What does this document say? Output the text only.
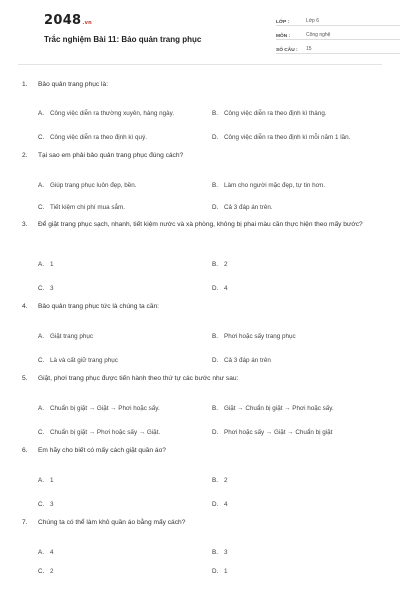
2048.vn
Trắc nghiệm Bài 11: Bảo quản trang phục
LỚP :	Lớp 6
MÔN :	Công nghệ
SỐ CÂU :	15
1.	Bảo quản trang phục là:
A. Công việc diễn ra thường xuyên, hàng ngày.	B. Công việc diễn ra theo định kì tháng.
C. Công việc diễn ra theo định kì quý.	D. Công việc diễn ra theo định kì mỗi năm 1 lần.
2.	Tại sao em phải bảo quản trang phục đúng cách?
A. Giúp trang phục luôn đẹp, bền.	B. Làm cho người mặc đẹp, tự tin hơn.
C. Tiết kiệm chi phí mua sắm.	D. Cả 3 đáp án trên.
3.	Để giặt trang phục sạch, nhanh, tiết kiệm nước và xà phòng, không bị phai màu cần thực hiện theo mấy bước?
A. 1	B. 2
C. 3	D. 4
4.	Bảo quản trang phục tức là chúng ta cần:
A. Giặt trang phục	B. Phơi hoặc sấy trang phục
C. Là và cất giữ trang phục	D. Cả 3 đáp án trên
5.	Giặt, phơi trang phục được tiến hành theo thứ tự các bước như sau:
A. Chuẩn bị giặt → Giặt → Phơi hoặc sấy.	B. Giặt → Chuẩn bị giặt → Phơi hoặc sấy.
C. Chuẩn bị giặt → Phơi hoặc sấy → Giặt.	D. Phơi hoặc sấy → Giặt → Chuẩn bị giặt
6.	Em hãy cho biết có mấy cách giặt quần áo?
A. 1	B. 2
C. 3	D. 4
7.	Chúng ta có thể làm khô quần áo bằng mấy cách?
A. 4	B. 3
C. 2	D. 1
